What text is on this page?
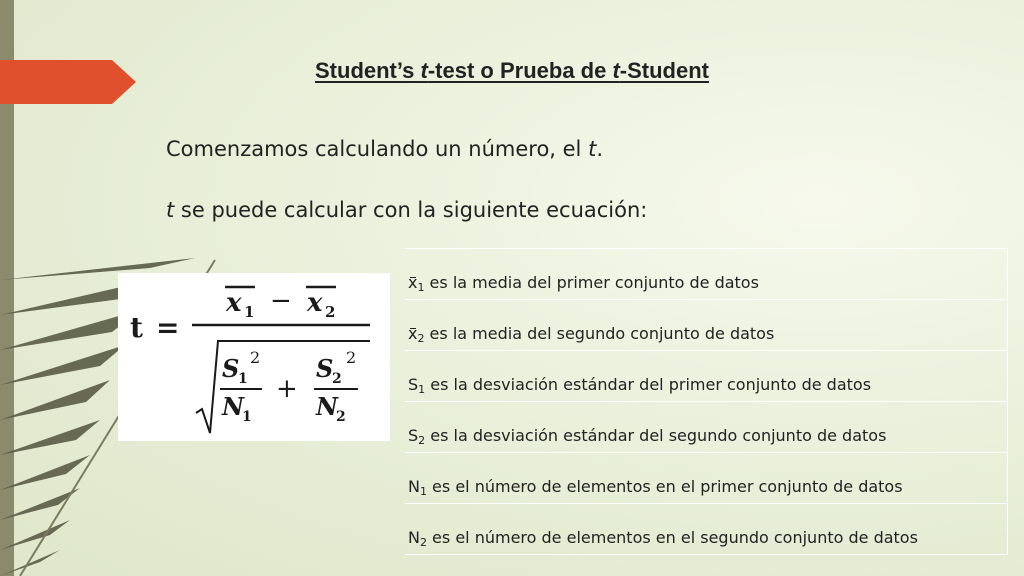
Student’s t-test o Prueba de t-Student
Comenzamos calculando un número, el t.
t se puede calcular con la siguiente ecuación:
t =
x 1 − x 2
S
1
2
N
1
+
S
2
2
N
2
$x_1$ es la media del primer conjunto de datos
$x_2$ es la media del segundo conjunto de datos
$S_1$ es la desviación estándar del primer conjunto de datos
$S_2$ es la desviación estándar del segundo conjunto de datos
$N_1$ es el número de elementos en el primer conjunto de datos
$N_2$ es el número de elementos en el segundo conjunto de datos
